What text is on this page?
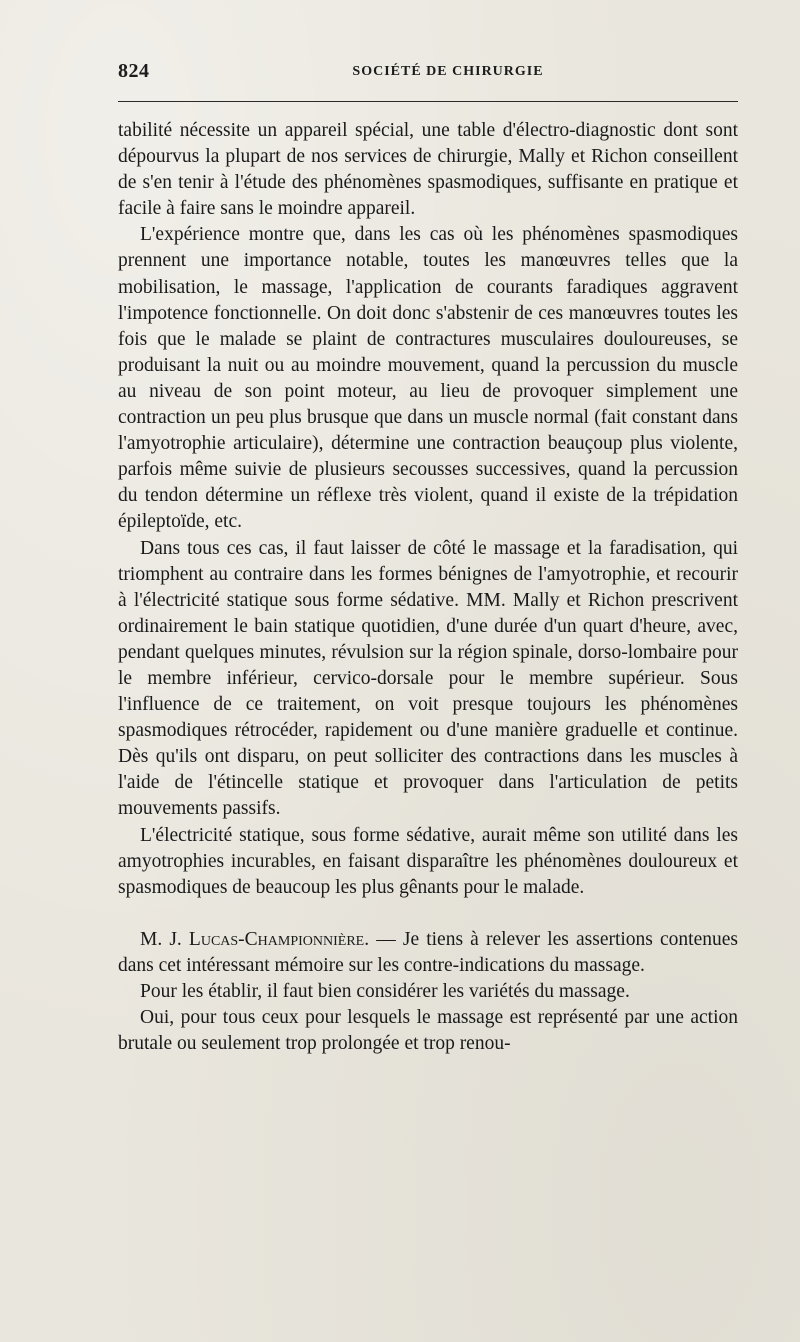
824	SOCIÉTÉ DE CHIRURGIE

tabilité nécessite un appareil spécial, une table d'électro-diagnostic dont sont dépourvus la plupart de nos services de chirurgie, Mally et Richon conseillent de s'en tenir à l'étude des phénomènes spasmodiques, suffisante en pratique et facile à faire sans le moindre appareil.

L'expérience montre que, dans les cas où les phénomènes spasmodiques prennent une importance notable, toutes les manœuvres telles que la mobilisation, le massage, l'application de courants faradiques aggravent l'impotence fonctionnelle. On doit donc s'abstenir de ces manœuvres toutes les fois que le malade se plaint de contractures musculaires douloureuses, se produisant la nuit ou au moindre mouvement, quand la percussion du muscle au niveau de son point moteur, au lieu de provoquer simplement une contraction un peu plus brusque que dans un muscle normal (fait constant dans l'amyotrophie articulaire), détermine une contraction beauçoup plus violente, parfois même suivie de plusieurs secousses successives, quand la percussion du tendon détermine un réflexe très violent, quand il existe de la trépidation épileptoïde, etc.

Dans tous ces cas, il faut laisser de côté le massage et la faradisation, qui triomphent au contraire dans les formes bénignes de l'amyotrophie, et recourir à l'électricité statique sous forme sédative. MM. Mally et Richon prescrivent ordinairement le bain statique quotidien, d'une durée d'un quart d'heure, avec, pendant quelques minutes, révulsion sur la région spinale, dorso-lombaire pour le membre inférieur, cervico-dorsale pour le membre supérieur. Sous l'influence de ce traitement, on voit presque toujours les phénomènes spasmodiques rétrocéder, rapidement ou d'une manière graduelle et continue. Dès qu'ils ont disparu, on peut solliciter des contractions dans les muscles à l'aide de l'étincelle statique et provoquer dans l'articulation de petits mouvements passifs.

L'électricité statique, sous forme sédative, aurait même son utilité dans les amyotrophies incurables, en faisant disparaître les phénomènes douloureux et spasmodiques de beaucoup les plus gênants pour le malade.

M. J. Lucas-Championnière. — Je tiens à relever les assertions contenues dans cet intéressant mémoire sur les contre-indications du massage.

Pour les établir, il faut bien considérer les variétés du massage.

Oui, pour tous ceux pour lesquels le massage est représenté par une action brutale ou seulement trop prolongée et trop renou-
